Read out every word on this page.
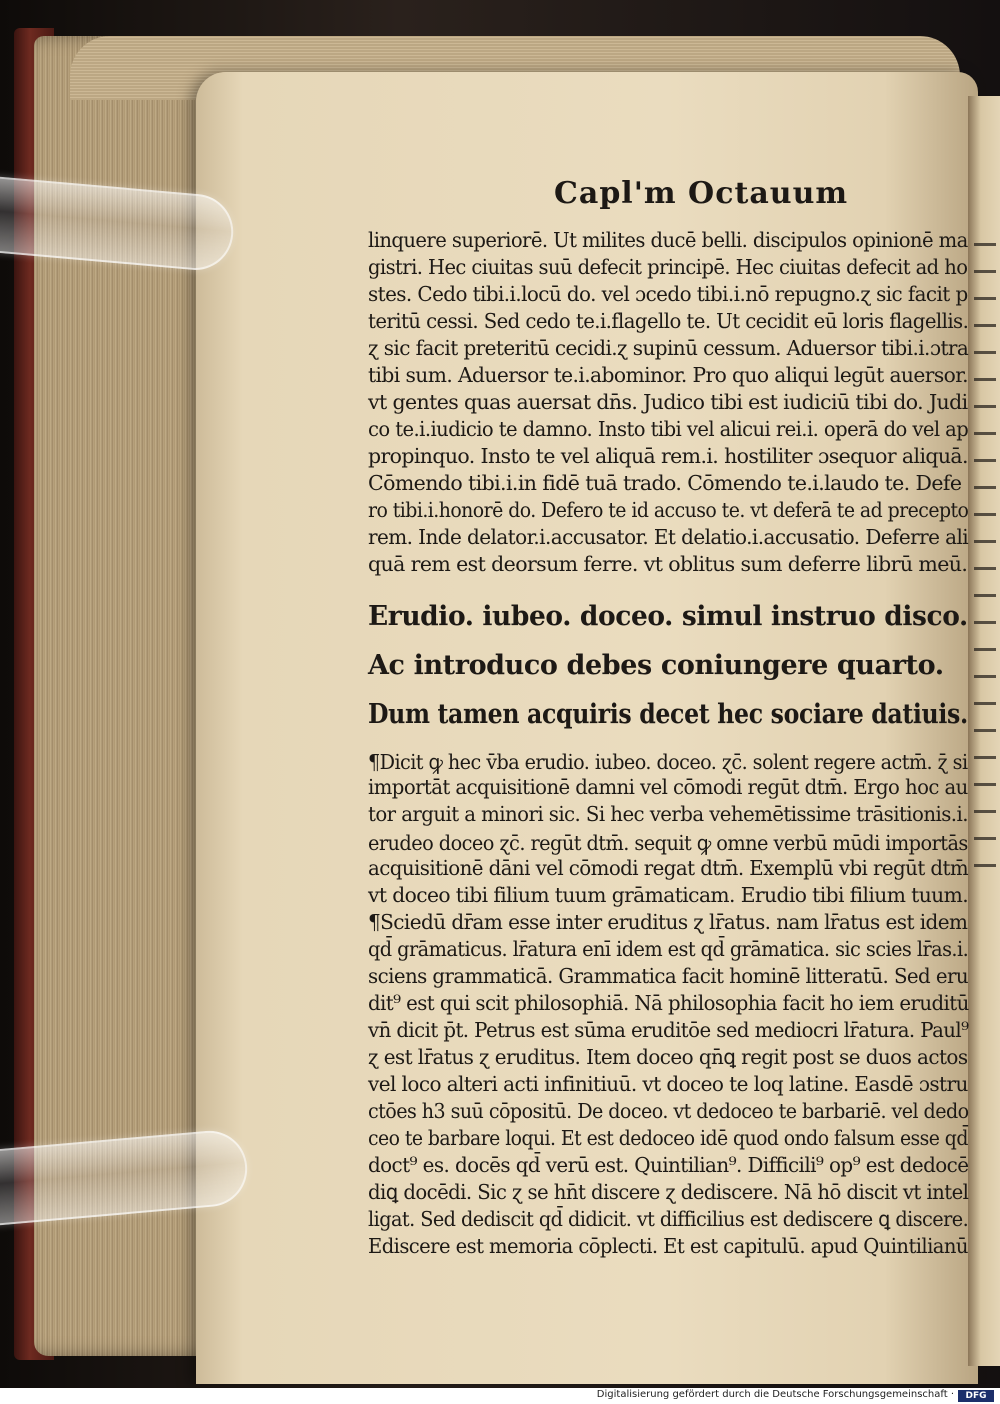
Capl'm Octauum
linquere superiorē. Ut milites ducē belli. discipulos opinionē ma
gistri. Hec ciuitas suū defecit principē. Hec ciuitas defecit ad ho
stes. Cedo tibi.i.locū do. vel ɔcedo tibi.i.nō repugno.ɀ sic facit p
teritū cessi. Sed cedo te.i.flagello te. Ut cecidit eū loris flagellis.
ɀ sic facit preteritū cecidi.ɀ supinū cessum. Aduersor tibi.i.ɔtra
tibi sum. Aduersor te.i.abominor. Pro quo aliqui legūt auersor.
vt gentes quas auersat dn̄s. Judico tibi est iudiciū tibi do. Judi
co te.i.iudicio te damno. Insto tibi vel alicui rei.i. operā do vel ap
propinquo. Insto te vel aliquā rem.i. hostiliter ɔsequor aliquā.
Cōmendo tibi.i.in fidē tuā trado. Cōmendo te.i.laudo te. Defe
ro tibi.i.honorē do. Defero te id accuso te. vt deferā te ad precepto
rem. Inde delator.i.accusator. Et delatio.i.accusatio. Deferre ali
quā rem est deorsum ferre. vt oblitus sum deferre librū meū.
Erudio. iubeo. doceo. simul instruo disco.
Ac introduco debes coniungere quarto.
Dum tamen acquiris decet hec sociare datiuis.
¶Dicit ꝙ hec v̄ba erudio. iubeo. doceo. ɀc̄. solent regere actm̄. ɀ̄ si
importāt acquisitionē damni vel cōmodi regūt dtm̄. Ergo hoc au
tor arguit a minori sic. Si hec verba vehemētissime trāsitionis.i.
erudeo doceo ɀc̄. regūt dtm̄. sequit ꝙ omne verbū mūdi importās
acquisitionē dāni vel cōmodi regat dtm̄. Exemplū vbi regūt dtm̄
vt doceo tibi filium tuum grāmaticam. Erudio tibi filium tuum.
¶Sciedū dr̄am esse inter eruditus ɀ lr̄atus. nam lr̄atus est idem
qd̄ grāmaticus. lr̄atura enī idem est qd̄ grāmatica. sic scies lr̄as.i.
sciens grammaticā. Grammatica facit hominē litteratū. Sed eru
dit⁹ est qui scit philosophiā. Nā philosophia facit ho iem eruditū
vn̄ dicit p̄t. Petrus est sūma eruditōe sed medіocri lr̄atura. Paul⁹
ɀ est lr̄atus ɀ eruditus. Item doceo qn̄ꝗ regit post se duos actos
vel loco alteri acti infinitiuū. vt doceo te loq latine. Easdē ɔstru
ctōes h3 suū cōpositū. De doceo. vt dedoceo te barbariē. vel dedo
ceo te barbare loqui. Et est dedoceo idē quod ondo falsum esse qd̄
doct⁹ es. docēs qd̄ verū est. Quintilian⁹. Difficili⁹ op⁹ est dedocē
diꝗ docēdi. Sic ɀ se hn̄t discere ɀ dediscere. Nā hō discit vt intel
ligat. Sed dediscit qd̄ didicit. vt difficilius est dediscere ꝗ discere.
Ediscere est memoria cōplecti. Et est capitulū. apud Quintilianū
Digitalisierung gefördert durch die Deutsche Forschungsgemeinschaft ·	DFG
